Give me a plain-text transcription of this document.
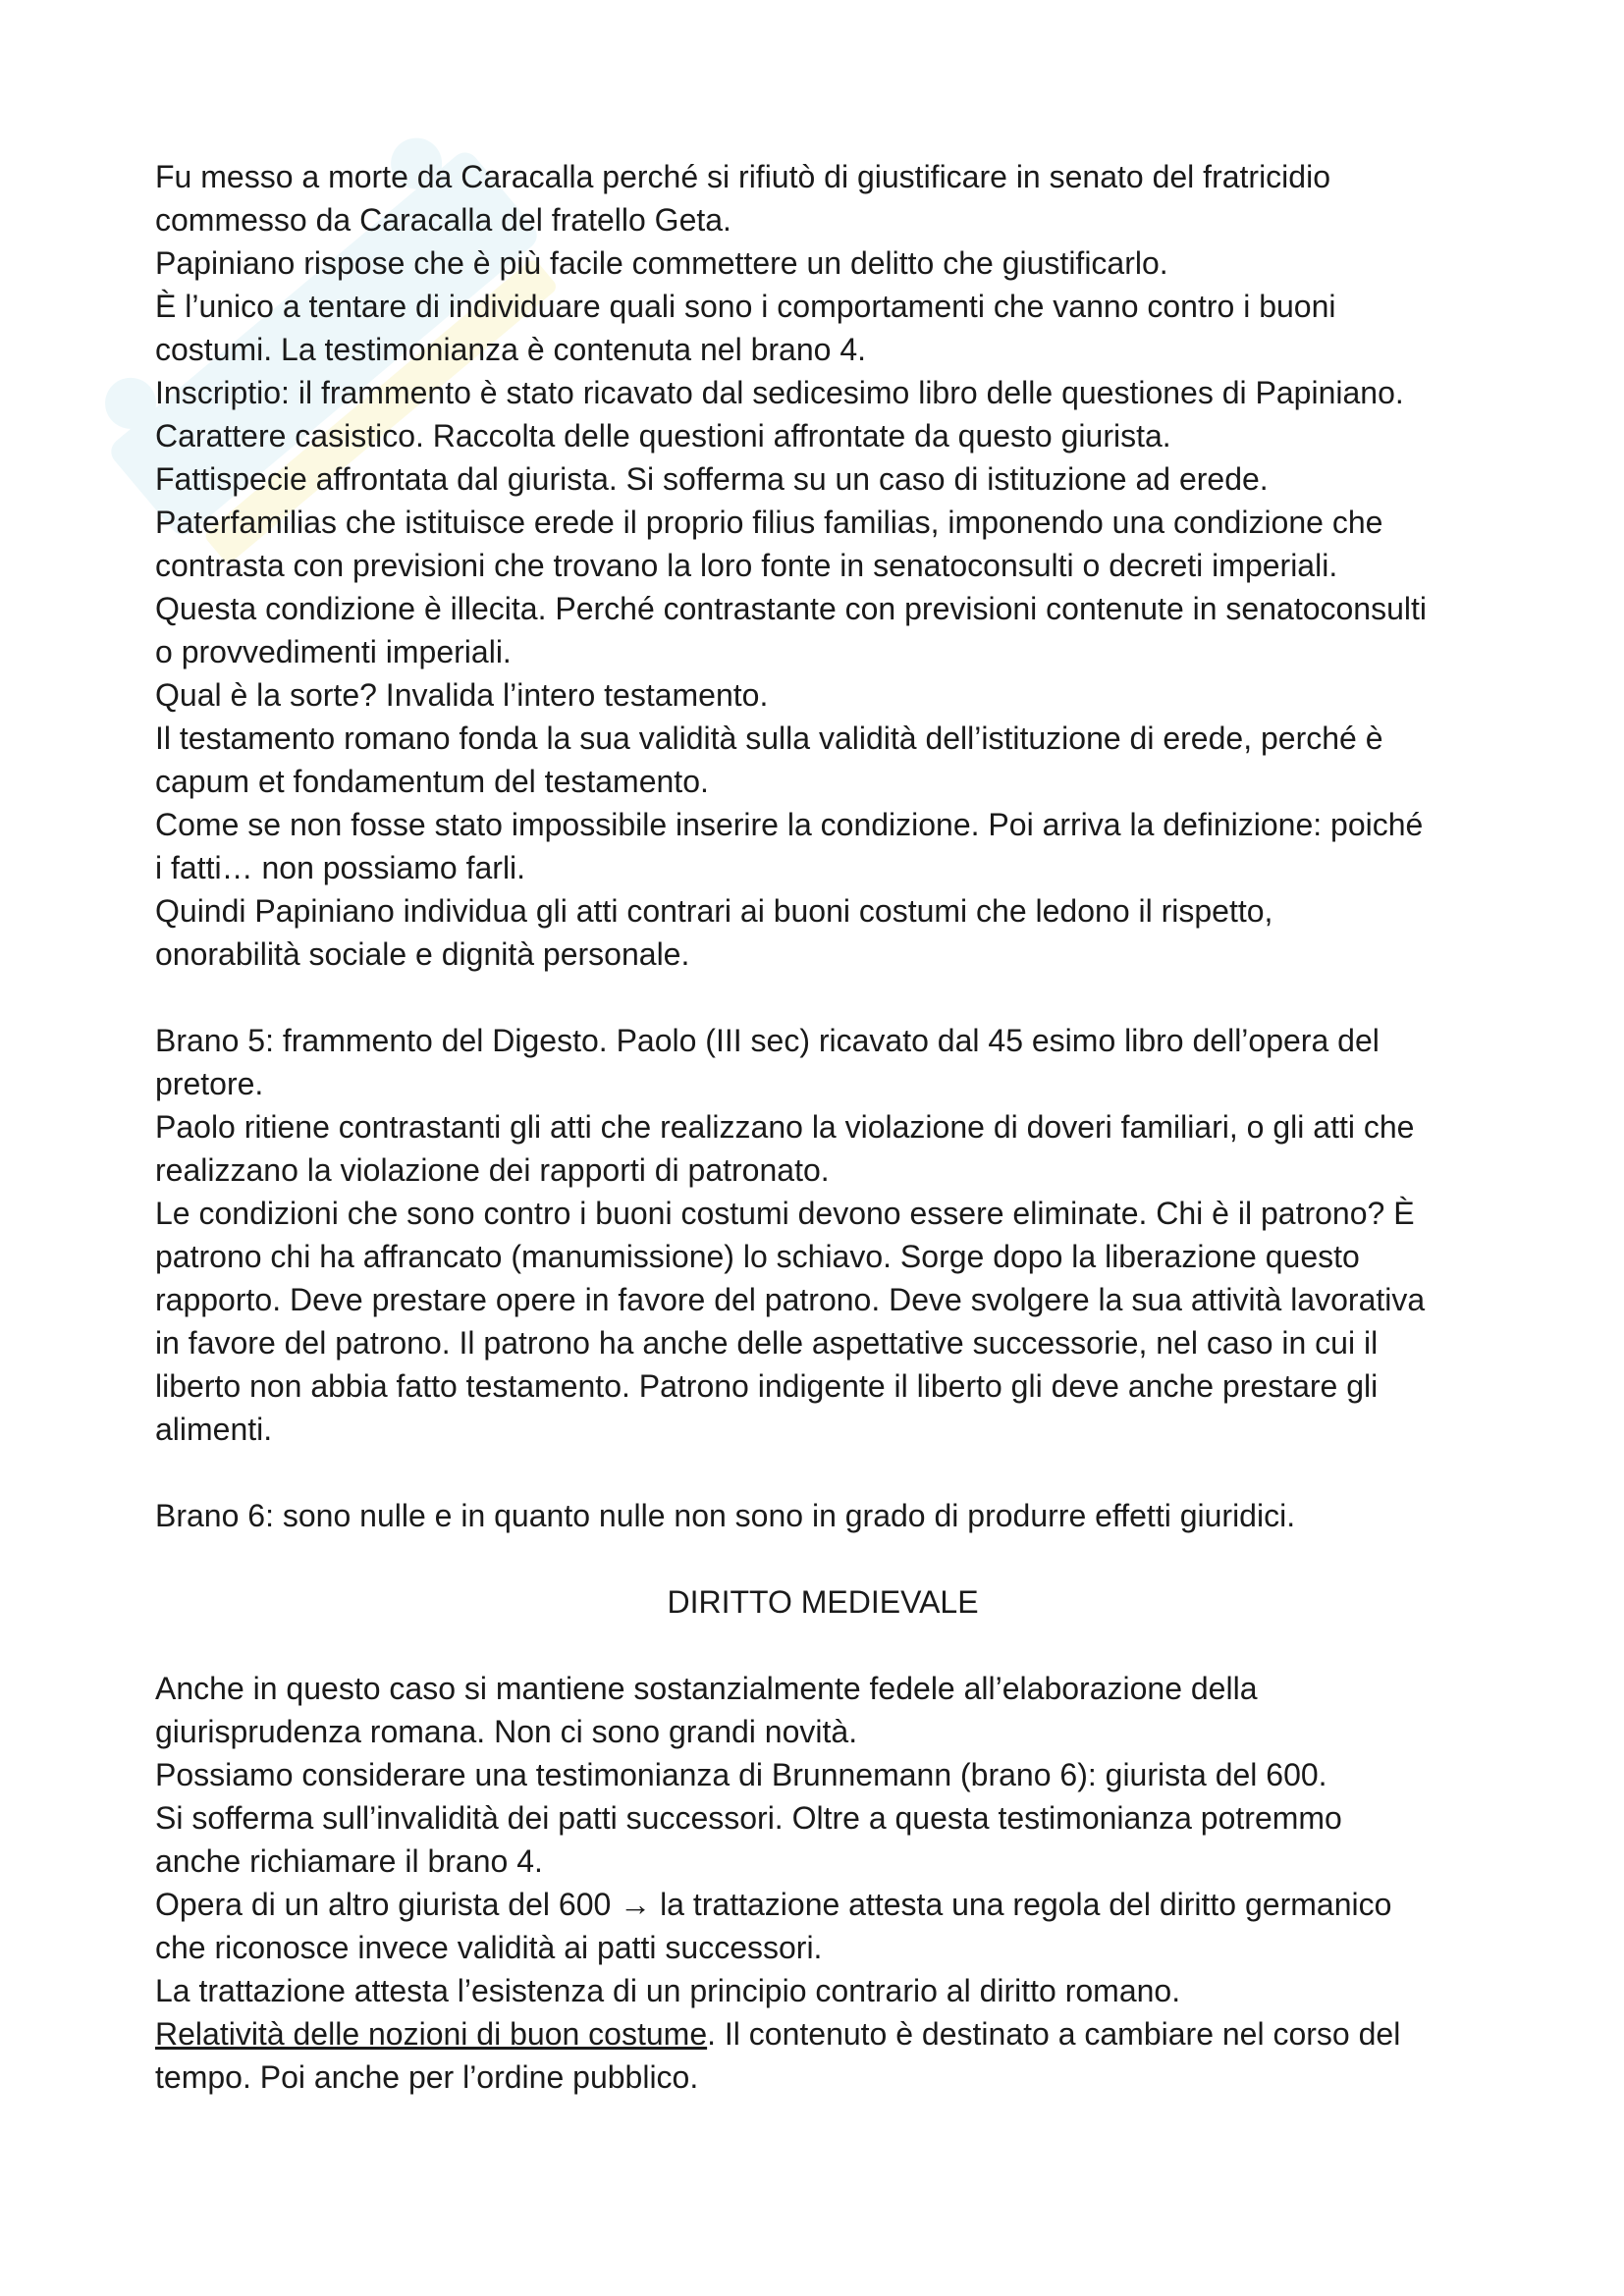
Fu messo a morte da Caracalla perché si rifiutò di giustificare in senato del fratricidio
commesso da Caracalla del fratello Geta.
Papiniano rispose che è più facile commettere un delitto che giustificarlo.
È l’unico a tentare di individuare quali sono i comportamenti che vanno contro i buoni
costumi. La testimonianza è contenuta nel brano 4.
Inscriptio: il frammento è stato ricavato dal sedicesimo libro delle questiones di Papiniano.
Carattere casistico. Raccolta delle questioni affrontate da questo giurista.
Fattispecie affrontata dal giurista. Si sofferma su un caso di istituzione ad erede.
Paterfamilias che istituisce erede il proprio filius familias, imponendo una condizione che
contrasta con previsioni che trovano la loro fonte in senatoconsulti o decreti imperiali.
Questa condizione è illecita. Perché contrastante con previsioni contenute in senatoconsulti
o provvedimenti imperiali.
Qual è la sorte? Invalida l’intero testamento.
Il testamento romano fonda la sua validità sulla validità dell’istituzione di erede, perché è
capum et fondamentum del testamento.
Come se non fosse stato impossibile inserire la condizione. Poi arriva la definizione: poiché
i fatti… non possiamo farli.
Quindi Papiniano individua gli atti contrari ai buoni costumi che ledono il rispetto,
onorabilità sociale e dignità personale.
Brano 5: frammento del Digesto. Paolo (III sec) ricavato dal 45 esimo libro dell’opera del
pretore.
Paolo ritiene contrastanti gli atti che realizzano la violazione di doveri familiari, o gli atti che
realizzano la violazione dei rapporti di patronato.
Le condizioni che sono contro i buoni costumi devono essere eliminate. Chi è il patrono? È
patrono chi ha affrancato (manumissione) lo schiavo. Sorge dopo la liberazione questo
rapporto. Deve prestare opere in favore del patrono. Deve svolgere la sua attività lavorativa
in favore del patrono. Il patrono ha anche delle aspettative successorie, nel caso in cui il
liberto non abbia fatto testamento. Patrono indigente il liberto gli deve anche prestare gli
alimenti.
Brano 6: sono nulle e in quanto nulle non sono in grado di produrre effetti giuridici.
DIRITTO MEDIEVALE
Anche in questo caso si mantiene sostanzialmente fedele all’elaborazione della
giurisprudenza romana. Non ci sono grandi novità.
Possiamo considerare una testimonianza di Brunnemann (brano 6): giurista del 600.
Si sofferma sull’invalidità dei patti successori. Oltre a questa testimonianza potremmo
anche richiamare il brano 4.
Opera di un altro giurista del 600 → la trattazione attesta una regola del diritto germanico
che riconosce invece validità ai patti successori.
La trattazione attesta l’esistenza di un principio contrario al diritto romano.
Relatività delle nozioni di buon costume. Il contenuto è destinato a cambiare nel corso del
tempo. Poi anche per l’ordine pubblico.
